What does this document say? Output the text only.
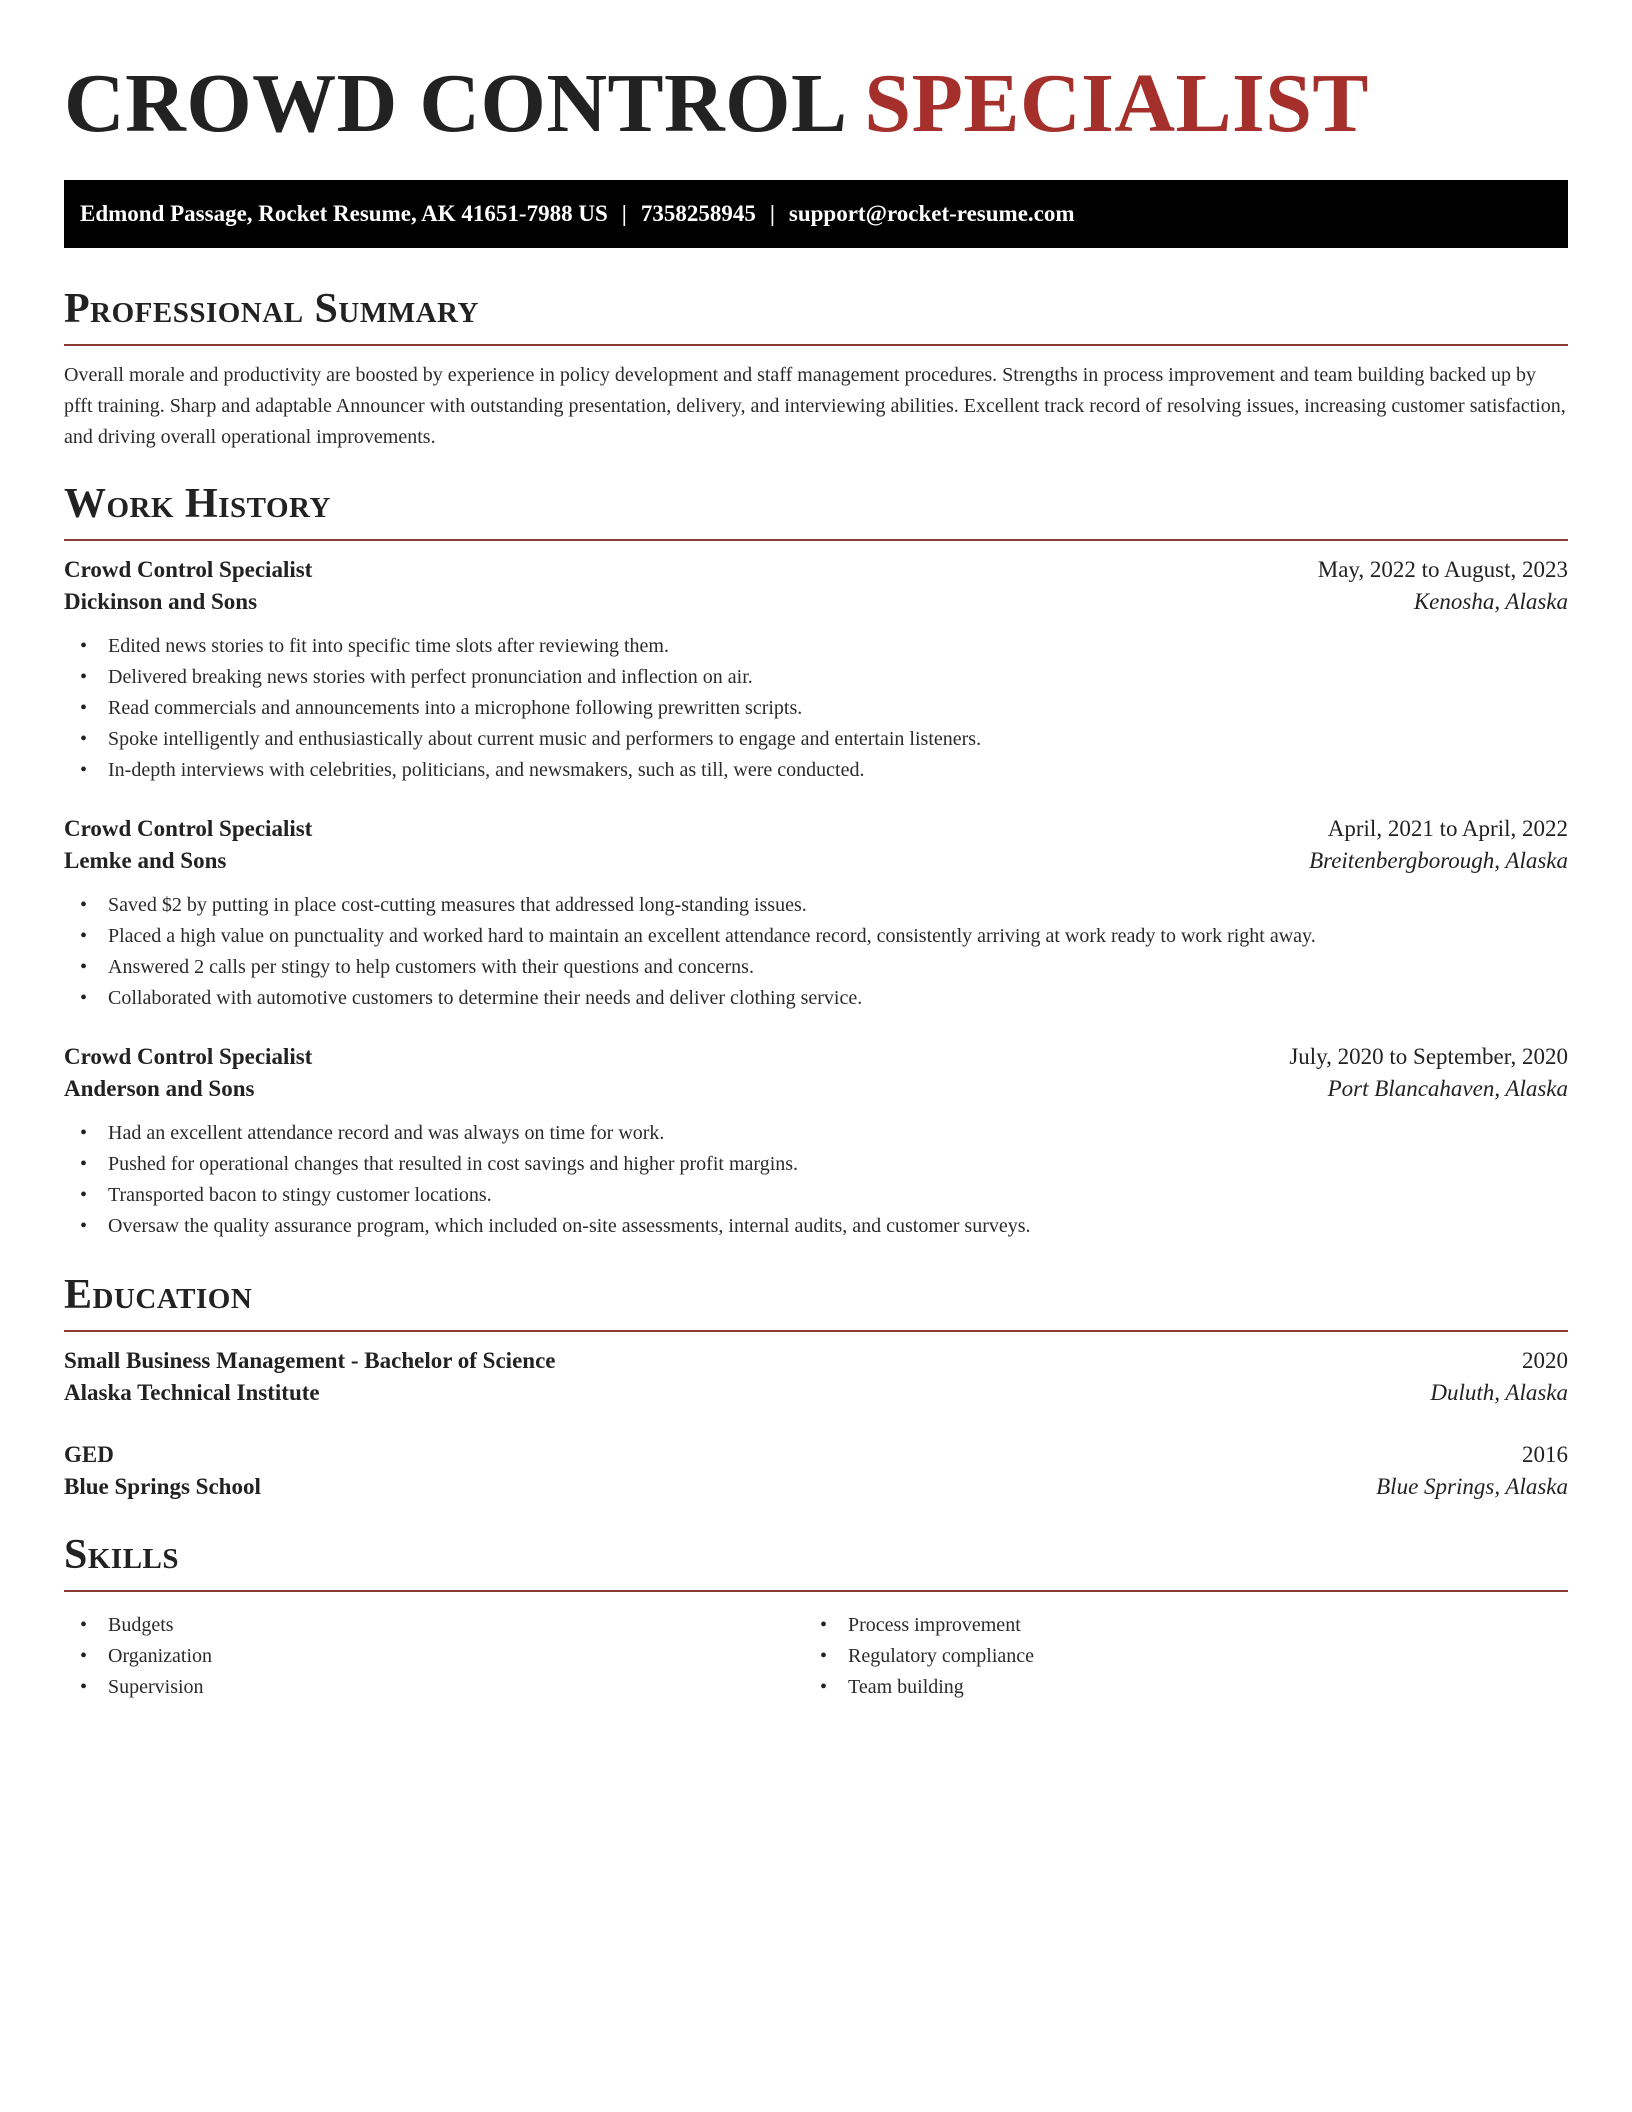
CROWD CONTROL SPECIALIST
Edmond Passage, Rocket Resume, AK 41651-7988 US | 7358258945 | support@rocket-resume.com
Professional Summary

Overall morale and productivity are boosted by experience in policy development and staff management procedures. Strengths in process improvement and team building backed up by pfft training. Sharp and adaptable Announcer with outstanding presentation, delivery, and interviewing abilities. Excellent track record of resolving issues, increasing customer satisfaction, and driving overall operational improvements.

Work History
Crowd Control Specialist	May, 2022 to August, 2023
Dickinson and Sons	Kenosha, Alaska
• Edited news stories to fit into specific time slots after reviewing them.
• Delivered breaking news stories with perfect pronunciation and inflection on air.
• Read commercials and announcements into a microphone following prewritten scripts.
• Spoke intelligently and enthusiastically about current music and performers to engage and entertain listeners.
• In-depth interviews with celebrities, politicians, and newsmakers, such as till, were conducted.
Crowd Control Specialist	April, 2021 to April, 2022
Lemke and Sons	Breitenbergborough, Alaska
• Saved $2 by putting in place cost-cutting measures that addressed long-standing issues.
• Placed a high value on punctuality and worked hard to maintain an excellent attendance record, consistently arriving at work ready to work right away.
• Answered 2 calls per stingy to help customers with their questions and concerns.
• Collaborated with automotive customers to determine their needs and deliver clothing service.
Crowd Control Specialist	July, 2020 to September, 2020
Anderson and Sons	Port Blancahaven, Alaska
• Had an excellent attendance record and was always on time for work.
• Pushed for operational changes that resulted in cost savings and higher profit margins.
• Transported bacon to stingy customer locations.
• Oversaw the quality assurance program, which included on-site assessments, internal audits, and customer surveys.
Education
Small Business Management - Bachelor of Science	2020
Alaska Technical Institute	Duluth, Alaska
GED	2016
Blue Springs School	Blue Springs, Alaska
Skills
• Budgets
• Organization
• Supervision
• Process improvement
• Regulatory compliance
• Team building
